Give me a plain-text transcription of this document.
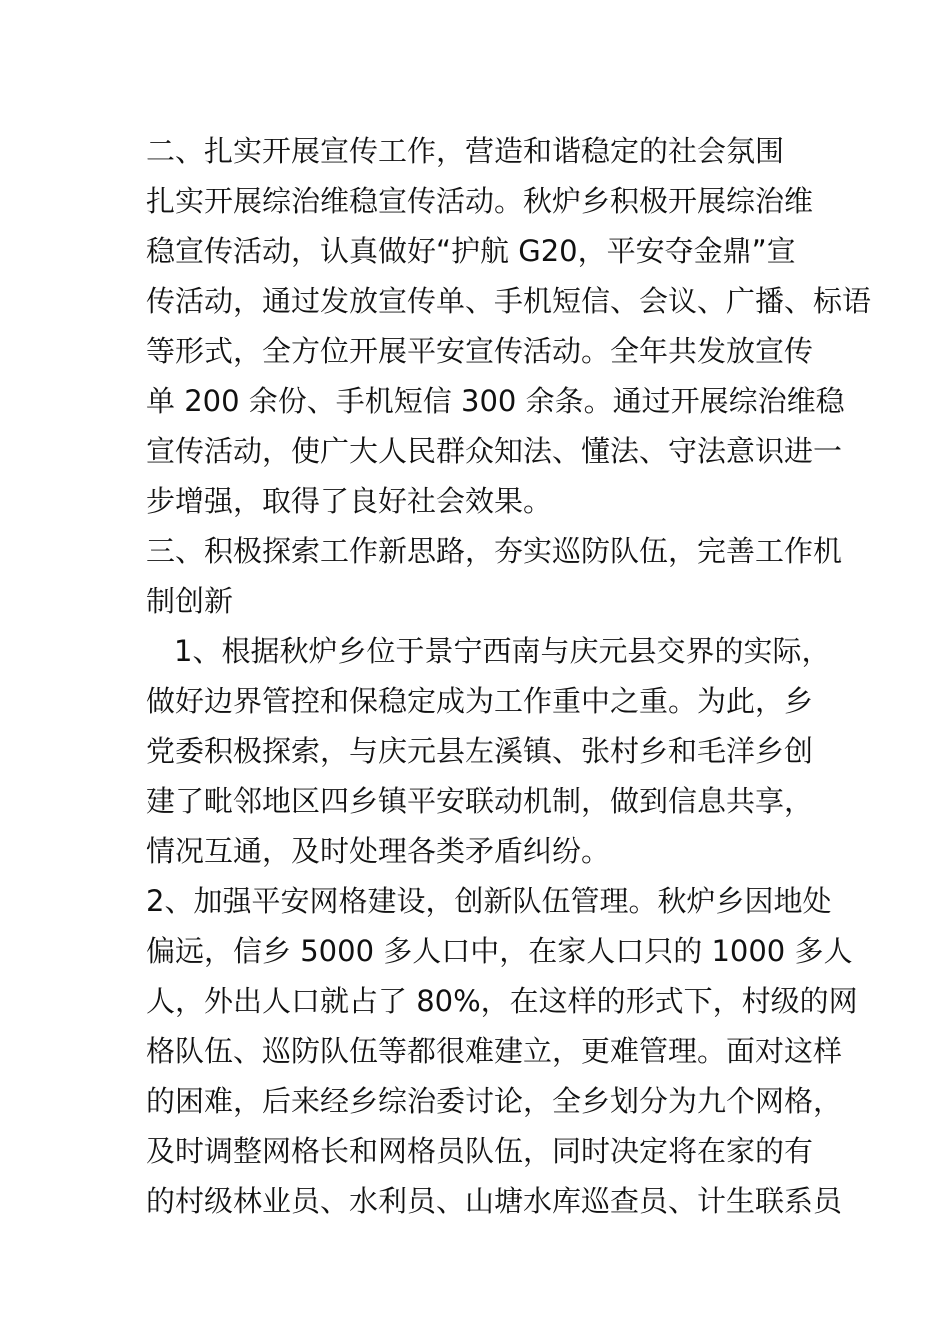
二、扎实开展宣传工作，营造和谐稳定的社会氛围
扎实开展综治维稳宣传活动。秋炉乡积极开展综治维
稳宣传活动，认真做好“护航 G20，平安夺金鼎”宣
传活动，通过发放宣传单、手机短信、会议、广播、标语
等形式，全方位开展平安宣传活动。全年共发放宣传
单 200 余份、手机短信 300 余条。通过开展综治维稳
宣传活动，使广大人民群众知法、懂法、守法意识进一
步增强，取得了良好社会效果。
三、积极探索工作新思路，夯实巡防队伍，完善工作机
制创新
1、根据秋炉乡位于景宁西南与庆元县交界的实际，
做好边界管控和保稳定成为工作重中之重。为此，乡
党委积极探索，与庆元县左溪镇、张村乡和毛洋乡创
建了毗邻地区四乡镇平安联动机制，做到信息共享，
情况互通，及时处理各类矛盾纠纷。
2、加强平安网格建设，创新队伍管理。秋炉乡因地处
偏远，信乡 5000 多人口中，在家人口只的 1000 多人
人，外出人口就占了 80%，在这样的形式下，村级的网
格队伍、巡防队伍等都很难建立，更难管理。面对这样
的困难，后来经乡综治委讨论，全乡划分为九个网格，
及时调整网格长和网格员队伍，同时决定将在家的有
的村级林业员、水利员、山塘水库巡查员、计生联系员
